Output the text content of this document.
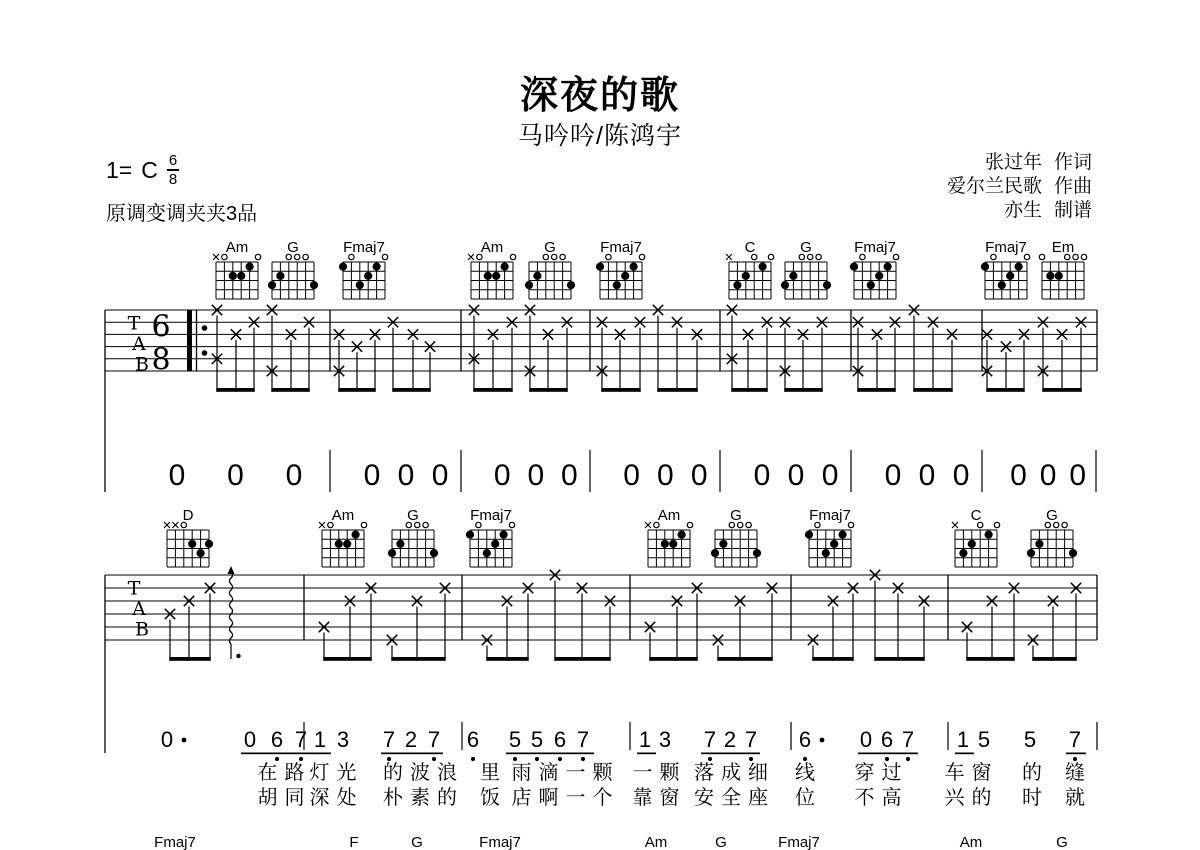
深夜的歌
马吟吟/陈鸿宇
1= C $\frac{6}{8}$
原调变调夹夹3品
张过年 作词
爱尔兰民歌 作曲
亦生 制谱
Am	G	Fmaj7	Am	G	Fmaj7	C	G	Fmaj7	Fmaj7 Em
T
A
B
6
8
0 0 0 0 0 0 0 0 0 0 0 0 0 0 0 0 0 0 0 0 0
D	Am	G	Fmaj7	Am	G	Fmaj7	C	G
T
A
B
0	0 6 7 1 3 7 2 7 6 5 5 6 7 1 3 7 2 7 6 0 6 7 1 5 5 7
在 路 灯 光 的 波 浪 里 雨 滴 一 颗 一 颗 落 成 细 线 穿 过 车 窗 的 缝
胡 同 深 处 朴 素 的 饭 店 啊 一 个 靠 窗 安 全 座 位 不 高 兴 的 时 就
Fmaj7	F	G	Fmaj7	Am	G	Fmaj7	Am	G
